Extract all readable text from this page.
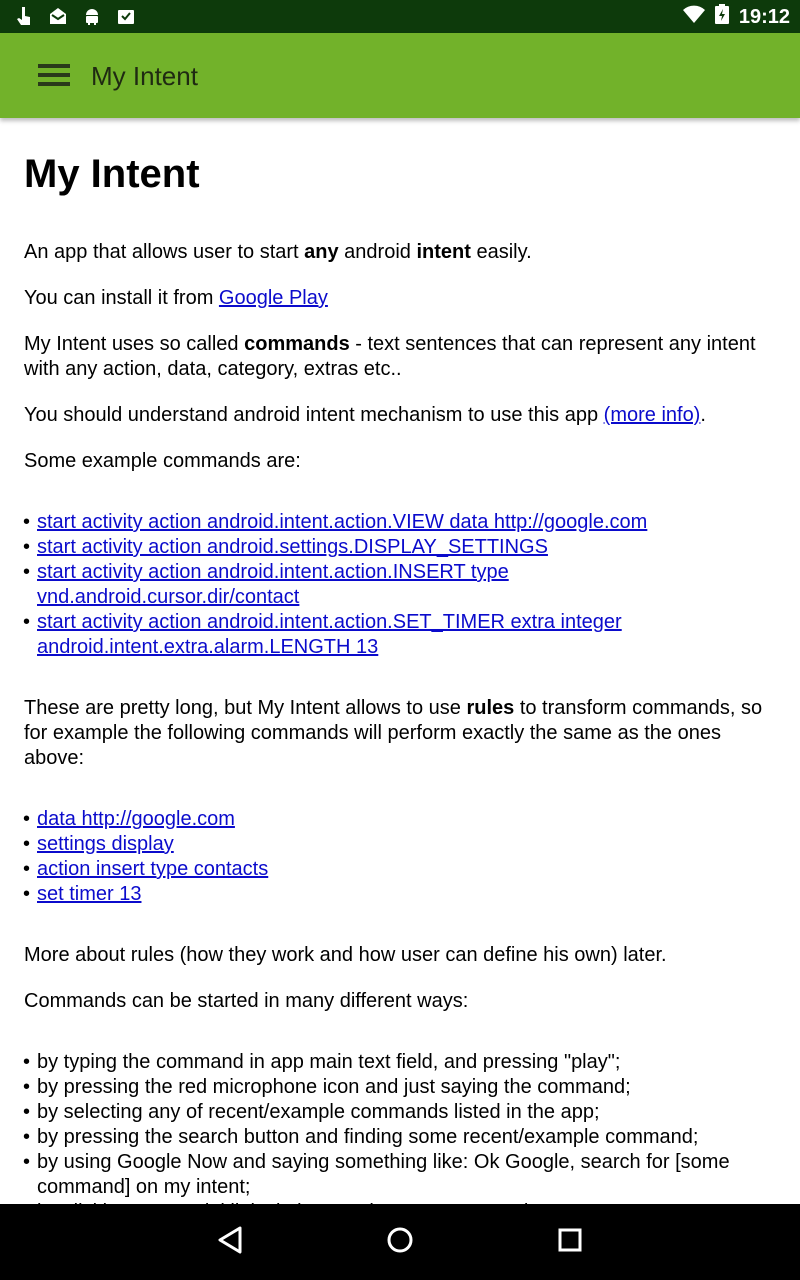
19:12
My Intent
My Intent

An app that allows user to start any android intent easily.

You can install it from Google Play

My Intent uses so called commands - text sentences that can represent any intent with any action, data, category, extras etc..

You should understand android intent mechanism to use this app (more info).

Some example commands are:

• start activity action android.intent.action.VIEW data http://google.com
• start activity action android.settings.DISPLAY_SETTINGS
• start activity action android.intent.action.INSERT type vnd.android.cursor.dir/contact
• start activity action android.intent.action.SET_TIMER extra integer android.intent.extra.alarm.LENGTH 13

These are pretty long, but My Intent allows to use rules to transform commands, so for example the following commands will perform exactly the same as the ones above:

• data http://google.com
• settings display
• action insert type contacts
• set timer 13

More about rules (how they work and how user can define his own) later.

Commands can be started in many different ways:

• by typing the command in app main text field, and pressing "play";
• by pressing the red microphone icon and just saying the command;
• by selecting any of recent/example commands listed in the app;
• by pressing the search button and finding some recent/example command;
• by using Google Now and saying something like: Ok Google, search for [some command] on my intent;
•
